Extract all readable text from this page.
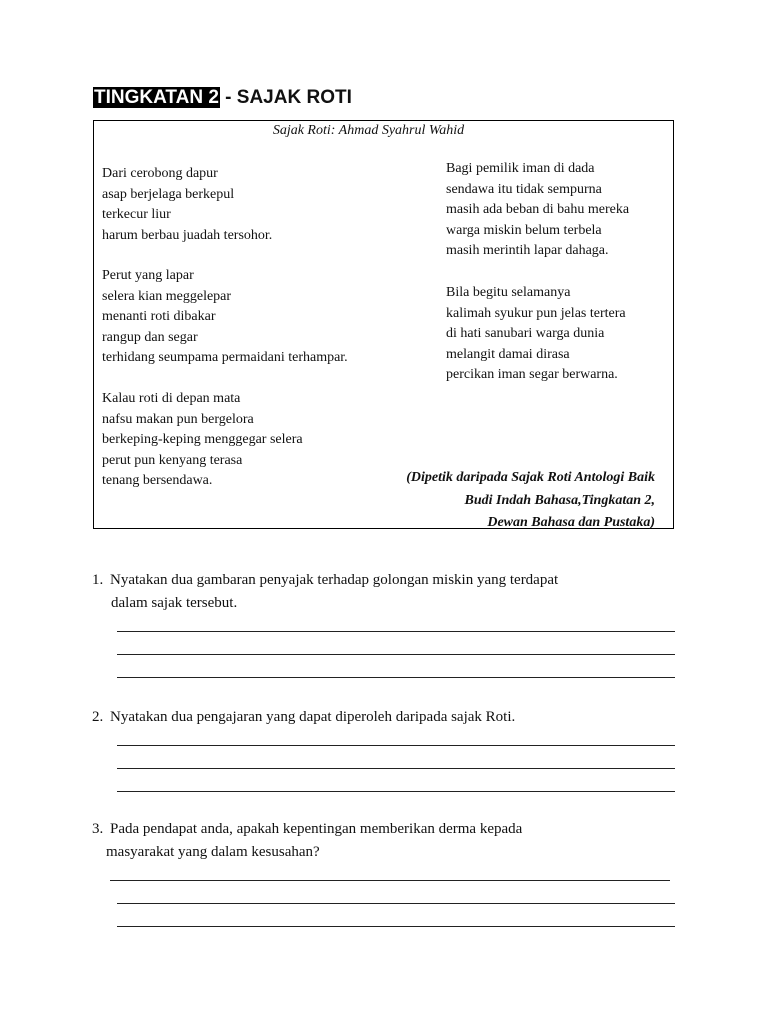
TINGKATAN 2 - SAJAK ROTI
Sajak Roti: Ahmad Syahrul Wahid
Dari cerobong dapur
asap berjelaga berkepul
terkecur liur
harum berbau juadah tersohor.
Perut yang lapar
selera kian meggelepar
menanti roti dibakar
rangup dan segar
terhidang seumpama permaidani terhampar.
Kalau roti di depan mata
nafsu makan pun bergelora
berkeping-keping menggegar selera
perut pun kenyang terasa
tenang bersendawa.
Bagi pemilik iman di dada
sendawa itu tidak sempurna
masih ada beban di bahu mereka
warga miskin belum terbela
masih merintih lapar dahaga.
Bila begitu selamanya
kalimah syukur pun jelas tertera
di hati sanubari warga dunia
melangit damai dirasa
percikan iman segar berwarna.
(Dipetik daripada Sajak Roti Antologi Baik
Budi Indah Bahasa,Tingkatan 2,
Dewan Bahasa dan Pustaka)
1. Nyatakan dua gambaran penyajak terhadap golongan miskin yang terdapat
dalam sajak tersebut.
2. Nyatakan dua pengajaran yang dapat diperoleh daripada sajak Roti.
3. Pada pendapat anda, apakah kepentingan memberikan derma kepada
masyarakat yang dalam kesusahan?
